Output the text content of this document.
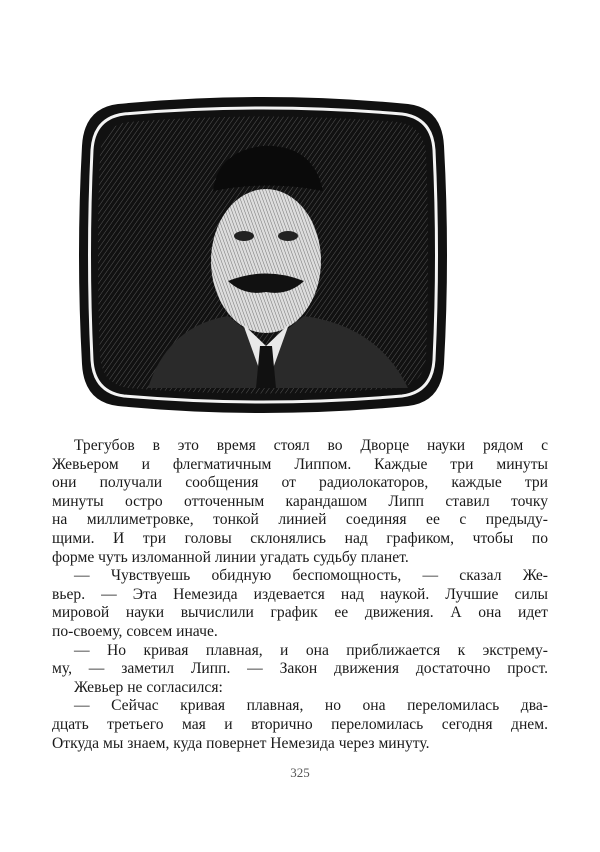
Трегубов в это время стоял во Дворце науки рядом с
Жевьером и флегматичным Липпом. Каждые три минуты
они получали сообщения от радиолокаторов, каждые три
минуты остро отточенным карандашом Липп ставил точку
на миллиметровке, тонкой линией соединяя ее с предыду-
щими. И три головы склонялись над графиком, чтобы по
форме чуть изломанной линии угадать судьбу планет.
— Чувствуешь обидную беспомощность, — сказал Же-
вьер. — Эта Немезида издевается над наукой. Лучшие силы
мировой науки вычислили график ее движения. А она идет
по-своему, совсем иначе.
— Но кривая плавная, и она приближается к экстрему-
му, — заметил Липп. — Закон движения достаточно прост.
Жевьер не согласился:
— Сейчас кривая плавная, но она переломилась два-
дцать третьего мая и вторично переломилась сегодня днем.
Откуда мы знаем, куда повернет Немезида через минуту.
325
